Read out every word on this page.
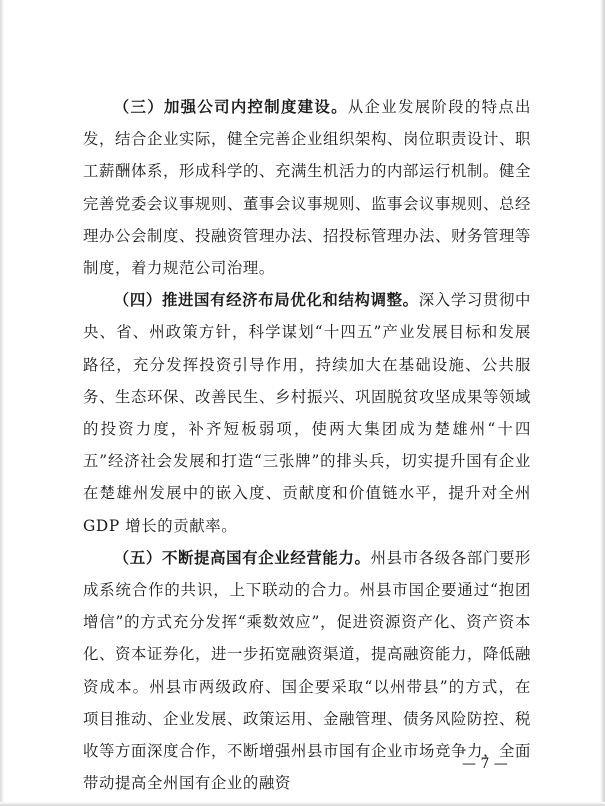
（三）加强公司内控制度建设。从企业发展阶段的特点出发，结合企业实际，健全完善企业组织架构、岗位职责设计、职工薪酬体系，形成科学的、充满生机活力的内部运行机制。健全完善党委会议事规则、董事会议事规则、监事会议事规则、总经理办公会制度、投融资管理办法、招投标管理办法、财务管理等制度，着力规范公司治理。

（四）推进国有经济布局优化和结构调整。深入学习贯彻中央、省、州政策方针，科学谋划“十四五”产业发展目标和发展路径，充分发挥投资引导作用，持续加大在基础设施、公共服务、生态环保、改善民生、乡村振兴、巩固脱贫攻坚成果等领域的投资力度，补齐短板弱项，使两大集团成为楚雄州“十四五”经济社会发展和打造“三张牌”的排头兵，切实提升国有企业在楚雄州发展中的嵌入度、贡献度和价值链水平，提升对全州 GDP 增长的贡献率。

（五）不断提高国有企业经营能力。州县市各级各部门要形成系统合作的共识，上下联动的合力。州县市国企要通过“抱团增信”的方式充分发挥“乘数效应”，促进资源资产化、资产资本化、资本证券化，进一步拓宽融资渠道，提高融资能力，降低融资成本。州县市两级政府、国企要采取“以州带县”的方式，在项目推动、企业发展、政策运用、金融管理、债务风险防控、税收等方面深度合作，不断增强州县市国有企业市场竞争力，全面带动提高全州国有企业的融资

— 7 —
